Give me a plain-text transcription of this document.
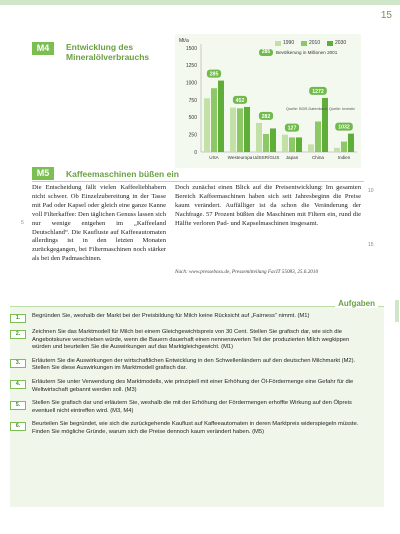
15
M4	Entwicklung des Mineralölverbrauchs
Mt/a
0
250
500
750
1000
1250
1500
USA
285
Westeuropa
452
UdSSR/GUS
282
Japan
127
China
1272
Indien
1032
1990	2010	2030
285	Bevölkerung in Millionen 2001
Quelle: BGR-Datenbank; Quelle: Investiv
M5	Kaffeemaschinen büßen ein

Die Entscheidung fällt vielen Kaffeeliebhabern nicht schwer. Ob Einzelzubereitung in der Tasse mit Pad oder Kapsel oder gleich eine ganze Kanne voll Filterkaffee: Den täglichen Genuss lassen sich nur wenige entgehen im „Kaffeeland Deutschland“. Die Kaufluste auf Kaffeeautomaten allerdings ist in den letzten Monaten zurückgegangen, bei Filtermaschinen noch stärker als bei den Padmaschinen.

5

Doch zunächst einen Blick auf die Preisentwicklung: Im gesamten Bereich Kaffeemaschinen haben sich seit Jahresbeginn die Preise kaum verändert. Auffälliger ist da schon die Veränderung der Nachfrage. 57 Prozent büßten die Maschinen mit Filtern ein, rund die Hälfte verloren Pad- und Kapselmaschinen insgesamt.

10
15
Nach: www.presseboxx.de, Pressemitteilung FacIT 55083, 25.6.2010
Aufgaben
1.	Begründen Sie, weshalb der Markt bei der Preisbildung für Milch keine Rücksicht auf „Fairness“ nimmt. (M1)
2.	Zeichnen Sie das Marktmodell für Milch bei einem Gleichgewichtspreis von 30 Cent. Stellen Sie grafisch dar, wie sich die Angebotskurve verschieben würde, wenn die Bauern dauerhaft einen nennenswerten Teil der produzierten Milch wegkippen würden und beurteilen Sie die Auswirkungen auf das Marktgleichgewicht. (M1)
3.	Erläutern Sie die Auswirkungen der wirtschaftlichen Entwicklung in den Schwellenländern auf den deutschen Milchmarkt (M2). Stellen Sie diese Auswirkungen im Marktmodell grafisch dar.
4.	Erläutern Sie unter Verwendung des Marktmodells, wie prinzipiell mit einer Erhöhung der Öl-Fördermenge eine Gefahr für die Weltwirtschaft gebannt werden soll. (M3)
5.	Stellen Sie grafisch dar und erläutern Sie, weshalb die mit der Erhöhung der Fördermengen erhoffte Wirkung auf den Ölpreis eventuell nicht eintreffen wird. (M3, M4)
6.	Beurteilen Sie begründet, wie sich die zurückgehende Kauflust auf Kaffeeautomaten in deren Marktpreis widerspiegeln müsste. Finden Sie mögliche Gründe, warum sich die Preise dennoch kaum verändert haben. (M5)
